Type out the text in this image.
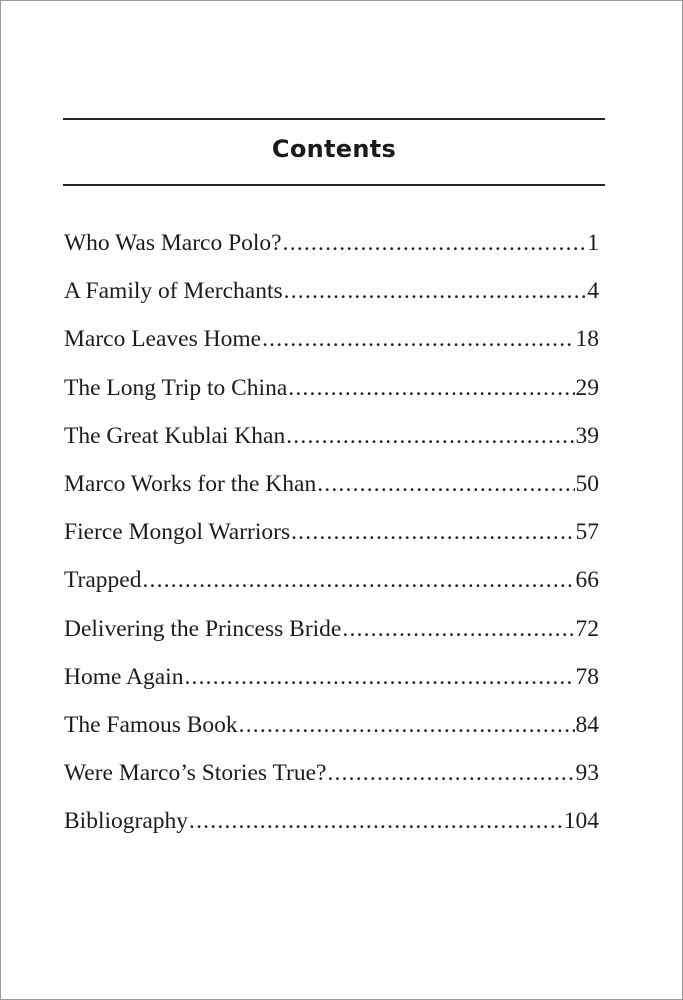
Contents
Who Was Marco Polo? .....	1
A Family of Merchants .....	4
Marco Leaves Home .....	18
The Long Trip to China .....	29
The Great Kublai Khan .....	39
Marco Works for the Khan .....	50
Fierce Mongol Warriors .....	57
Trapped .....	66
Delivering the Princess Bride .....	72
Home Again .....	78
The Famous Book .....	84
Were Marco’s Stories True? .....	93
Bibliography .....	104
